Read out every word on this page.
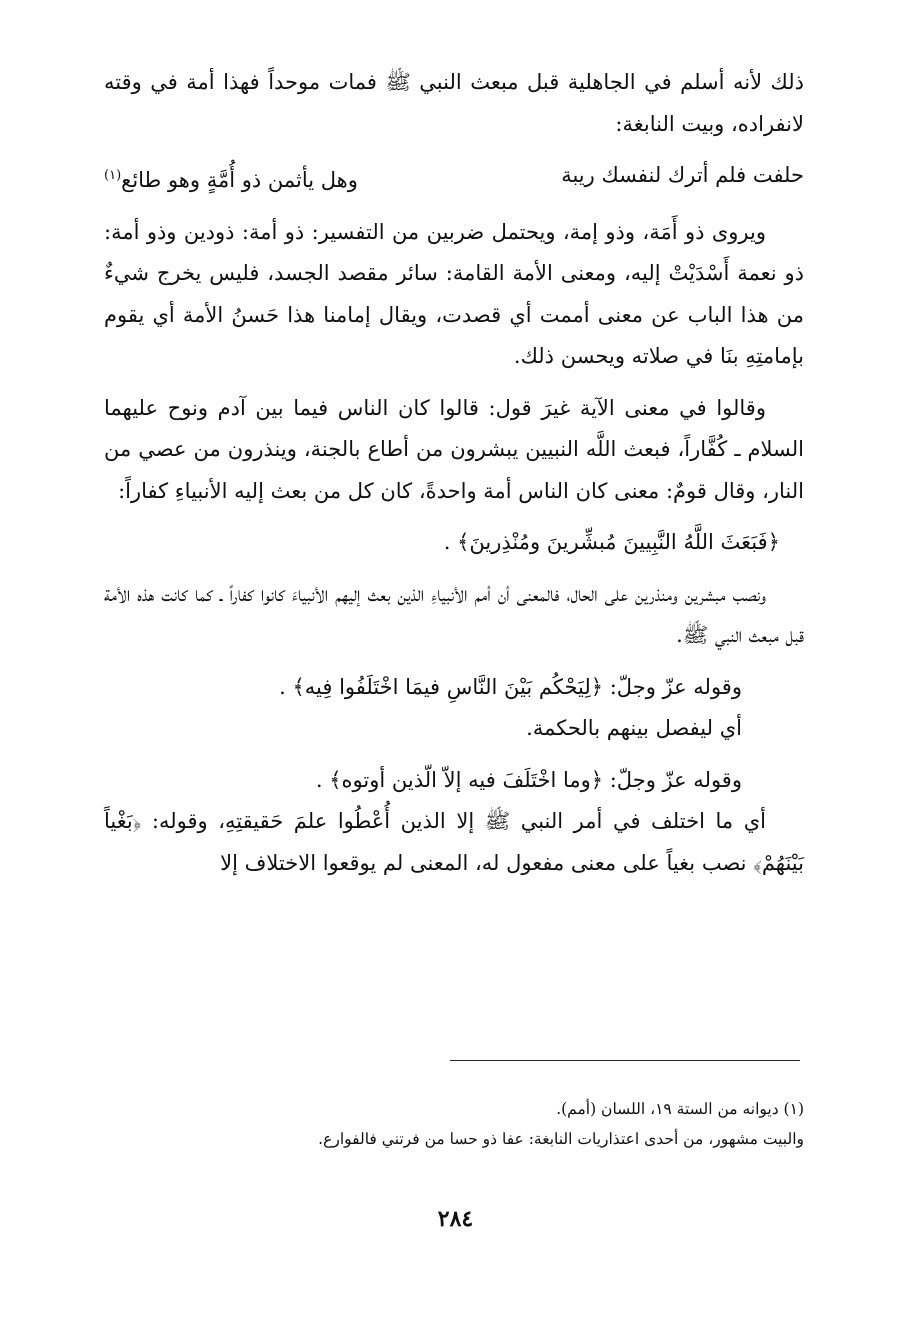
ذلك لأنه أسلم في الجاهلية قبل مبعث النبي ﷺ فمات موحداً فهذا أمة في وقته لانفراده، وبيت النابغة:

حلفت فلم أترك لنفسك ريبة
وهل يأثمن ذو أُمَّةٍ وهو طائع$^{(١)}$

ويروى ذو أَمَة، وذو إمة، ويحتمل ضربين من التفسير: ذو أمة: ذودين وذو أمة: ذو نعمة أَسْدَيْتْ إليه، ومعنى الأمة القامة: سائر مقصد الجسد، فليس يخرج شيءٌ من هذا الباب عن معنى أممت أي قصدت، ويقال إمامنا هذا حَسنُ الأمة أي يقوم بإمامتِهِ بنَا في صلاته ويحسن ذلك.

وقالوا في معنى الآية غيرَ قول: قالوا كان الناس فيما بين آدم ونوح عليهما السلام ـ كُفَّاراً، فبعث اللَّه النبيين يبشرون من أطاع بالجنة، وينذرون من عصي من النار، وقال قومٌ: معنى كان الناس أمة واحدةً، كان كل من بعث إليه الأنبياءِ كفاراً:

﴿فَبَعَثَ اللَّهُ النَّبِيينَ مُبشِّرينَ ومُنْذِرينَ﴾ .

ونصب مبشرين ومنذرين على الحال، فالمعنى أن أمم الأنبياءِ الذين بعث إليهم الأنبياءَ كانوا كفاراً ـ كما كانت هذه الأمة قبل مبعث النبي ﷺ.

وقوله عزّ وجلّ: ﴿لِيَحْكُم بَيْنَ النَّاسِ فيمَا اخْتَلَفُوا فِيه﴾ .
أي ليفصل بينهم بالحكمة.

وقوله عزّ وجلّ: ﴿وما اخْتَلَفَ فيه إلاّ الّذين أوتوه﴾ .

أي ما اختلف في أمر النبي ﷺ إلا الذين أُعْطُوا علمَ حَقيقتِهِ، وقوله: ﴿بَغْياً بَيْنَهُمْ﴾ نصب بغياً على معنى مفعول له، المعنى لم يوقعوا الاختلاف إلا

(١) ديوانه من الستة ١٩، اللسان (أمم).

والبيت مشهور، من أحدى اعتذاريات النابغة: عفا ذو حسا من فرتني فالفوارع.

٢٨٤
